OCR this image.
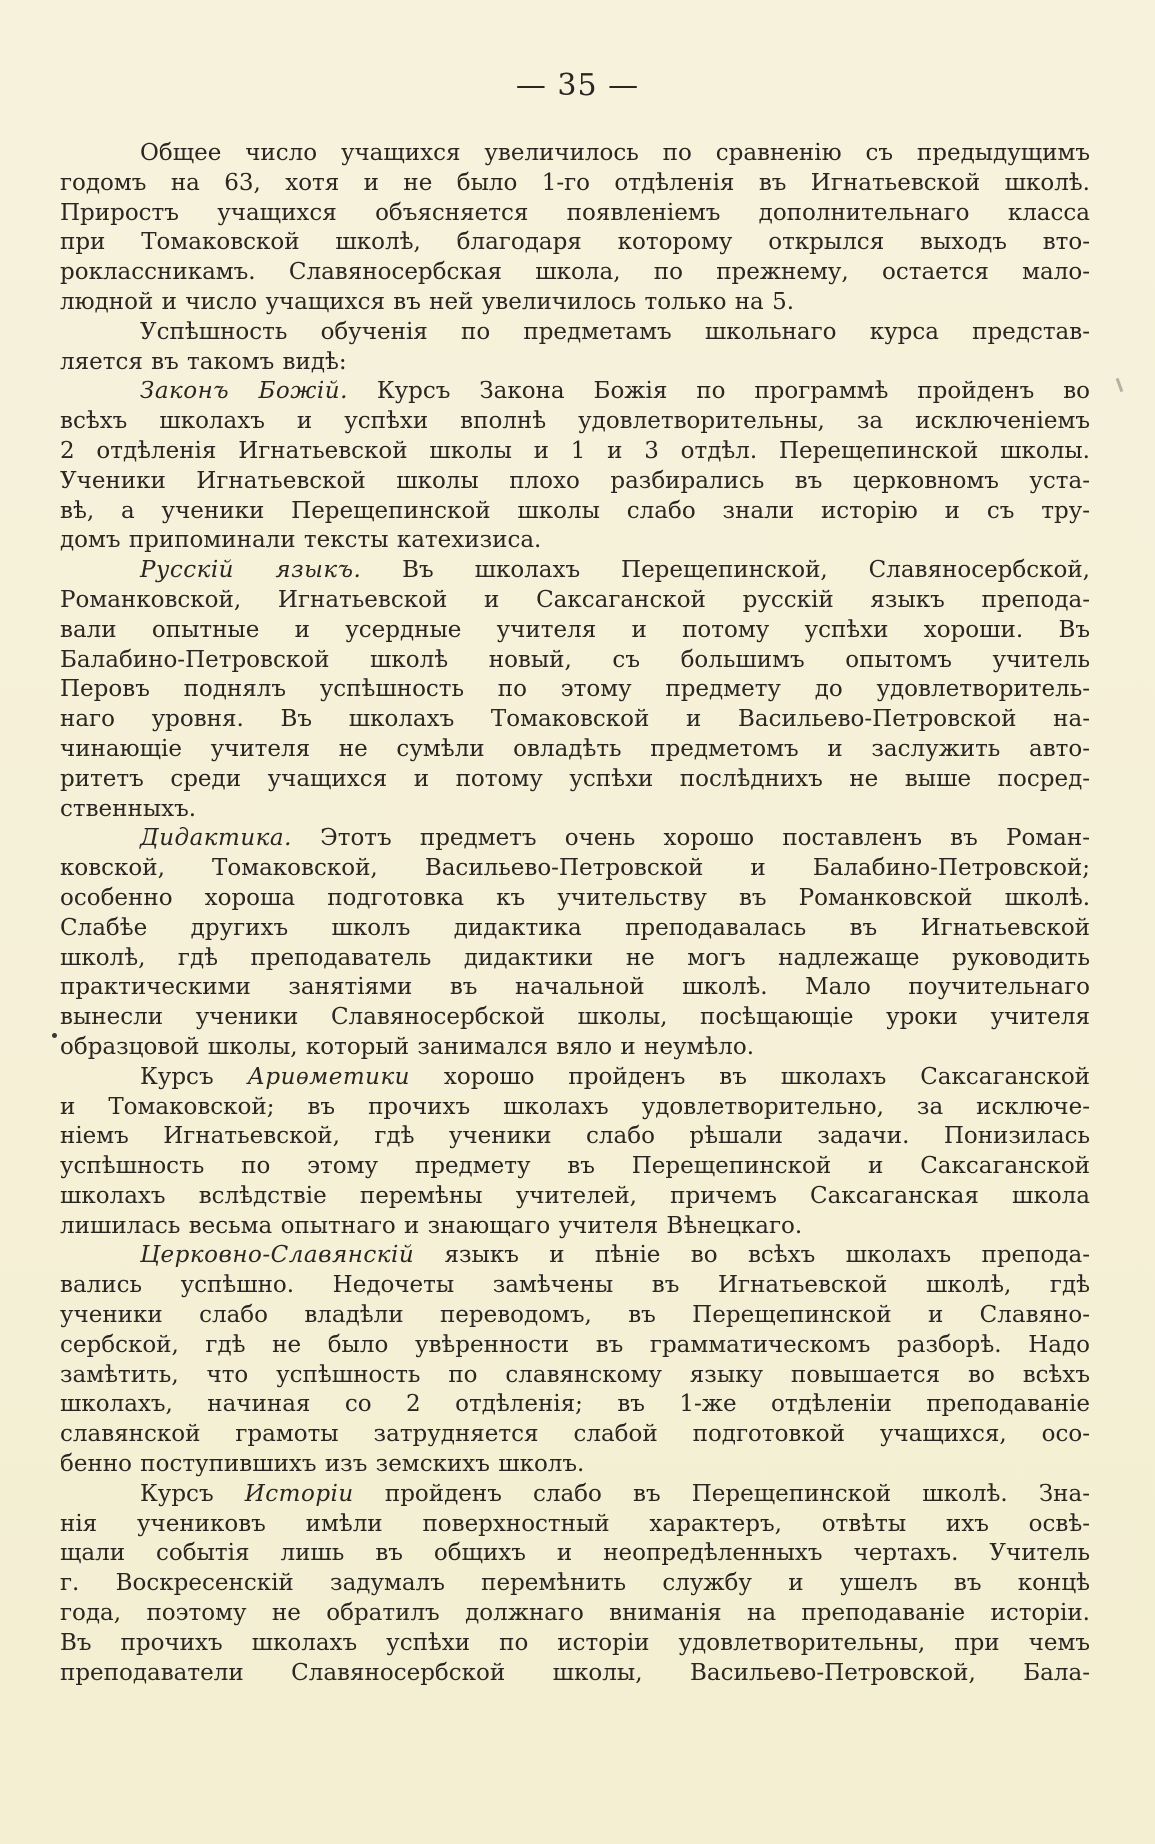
— 35 —
Общее число учащихся увеличилось по сравненію съ предыдущимъ
годомъ на 63, хотя и не было 1-го отдѣленія въ Игнатьевской школѣ.
Приростъ учащихся объясняется появленіемъ дополнительнаго класса
при Томаковской школѣ, благодаря которому открылся выходъ вто-
рокласcникамъ. Славяносербская школа, по прежнему, остается мало-
людной и число учащихся въ ней увеличилось только на 5.
Успѣшность обученія по предметамъ школьнаго курса представ-
ляется въ такомъ видѣ:
Законъ Божій. Курсъ Закона Божія по программѣ пройденъ во
всѣхъ школахъ и успѣхи вполнѣ удовлетворительны, за исключеніемъ
2 отдѣленія Игнатьевской школы и 1 и 3 отдѣл. Перещепинской школы.
Ученики Игнатьевской школы плохо разбирались въ церковномъ уста-
вѣ, а ученики Перещепинской школы слабо знали исторію и съ тру-
домъ припоминали тексты катехизиса.
Русскій языкъ. Въ школахъ Перещепинской, Славяносербской,
Романковской, Игнатьевской и Саксаганской русскій языкъ препода-
вали опытные и усердные учителя и потому успѣхи хороши. Въ
Балабино-Петровской школѣ новый, съ большимъ опытомъ учитель
Перовъ поднялъ успѣшность по этому предмету до удовлетворитель-
наго уровня. Въ школахъ Томаковской и Васильево-Петровской на-
чинающіе учителя не сумѣли овладѣть предметомъ и заслужить авто-
ритетъ среди учащихся и потому успѣхи послѣднихъ не выше посред-
ственныхъ.
Дидактика. Этотъ предметъ очень хорошо поставленъ въ Роман-
ковской, Томаковской, Васильево-Петровской и Балабино-Петровской;
особенно хороша подготовка къ учительству въ Романковской школѣ.
Слабѣе другихъ школъ дидактика преподавалась въ Игнатьевской
школѣ, гдѣ преподаватель дидактики не могъ надлежаще руководить
практическими занятіями въ начальной школѣ. Мало поучительнаго
вынесли ученики Славяносербской школы, посѣщающіе уроки учителя
образцовой школы, который занимался вяло и неумѣло.
Курсъ Ариѳметики хорошо пройденъ въ школахъ Саксаганской
и Томаковской; въ прочихъ школахъ удовлетворительно, за исключе-
ніемъ Игнатьевской, гдѣ ученики слабо рѣшали задачи. Понизилась
успѣшность по этому предмету въ Перещепинской и Саксаганской
школахъ вслѣдствіе перемѣны учителей, причемъ Саксаганская школа
лишилась весьма опытнаго и знающаго учителя Вѣнецкаго.
Церковно-Славянскій языкъ и пѣніе во всѣхъ школахъ препода-
вались успѣшно. Недочеты замѣчены въ Игнатьевской школѣ, гдѣ
ученики слабо владѣли переводомъ, въ Перещепинской и Славяно-
сербской, гдѣ не было увѣренности въ грамматическомъ разборѣ. Надо
замѣтить, что успѣшность по славянскому языку повышается во всѣхъ
школахъ, начиная со 2 отдѣленія; въ 1-же отдѣленіи преподаваніе
славянской грамоты затрудняется слабой подготовкой учащихся, осо-
бенно поступившихъ изъ земскихъ школъ.
Курсъ Исторіи пройденъ слабо въ Перещепинской школѣ. Зна-
нія учениковъ имѣли поверхностный характеръ, отвѣты ихъ освѣ-
щали событія лишь въ общихъ и неопредѣленныхъ чертахъ. Учитель
г. Воскресенскій задумалъ перемѣнить службу и ушелъ въ концѣ
года, поэтому не обратилъ должнаго вниманія на преподаваніе исторіи.
Въ прочихъ школахъ успѣхи по исторіи удовлетворительны, при чемъ
преподаватели Славяносербской школы, Васильево-Петровской, Бала-
